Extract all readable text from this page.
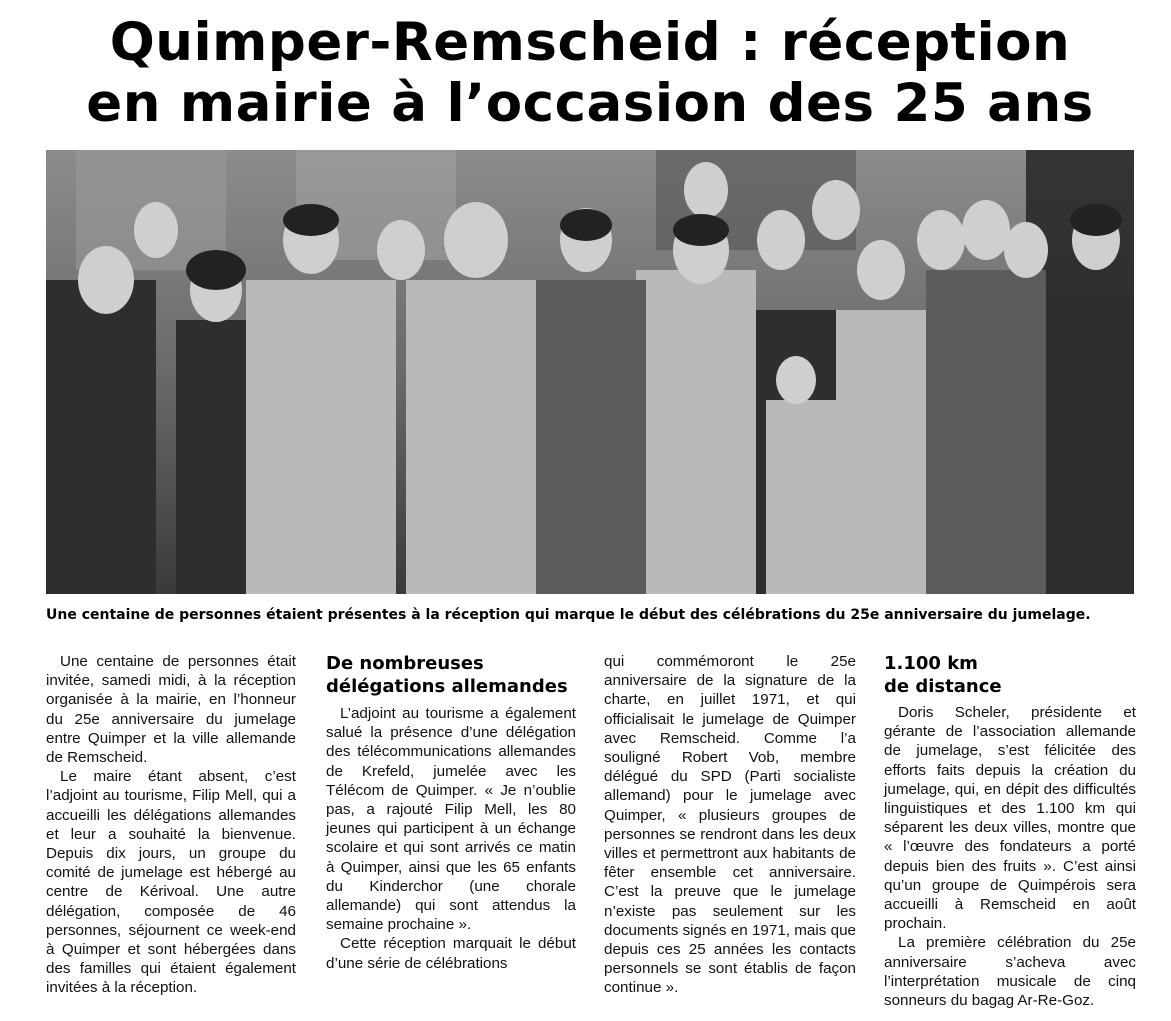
Quimper-Remscheid : réception
en mairie à l’occasion des 25 ans
Une centaine de personnes étaient présentes à la réception qui marque le début des célébrations du 25e anniversaire du jumelage.

Une centaine de personnes était invitée, samedi midi, à la réception organisée à la mairie, en l’honneur du 25e anniversaire du jumelage entre Quimper et la ville allemande de Remscheid.

Le maire étant absent, c’est l’adjoint au tourisme, Filip Mell, qui a accueilli les délégations allemandes et leur a souhaité la bienvenue. Depuis dix jours, un groupe du comité de jumelage est hébergé au centre de Kérivoal. Une autre délégation, composée de 46 personnes, séjournent ce week-end à Quimper et sont hébergées dans des familles qui étaient également invitées à la réception.

De nombreuses délégations allemandes

L’adjoint au tourisme a également salué la présence d’une délégation des télécommunications allemandes de Krefeld, jumelée avec les Télécom de Quimper. « Je n’oublie pas, a rajouté Filip Mell, les 80 jeunes qui participent à un échange scolaire et qui sont arrivés ce matin à Quimper, ainsi que les 65 enfants du Kinderchor (une chorale allemande) qui sont attendus la semaine prochaine ».

Cette réception marquait le début d’une série de célébrations

qui commémoront le 25e anniversaire de la signature de la charte, en juillet 1971, et qui officialisait le jumelage de Quimper avec Remscheid. Comme l’a souligné Robert Vob, membre délégué du SPD (Parti socialiste allemand) pour le jumelage avec Quimper, « plusieurs groupes de personnes se rendront dans les deux villes et permettront aux habitants de fêter ensemble cet anniversaire. C’est la preuve que le jumelage n’existe pas seulement sur les documents signés en 1971, mais que depuis ces 25 années les contacts personnels se sont établis de façon continue ».

1.100 km
de distance

Doris Scheler, présidente et gérante de l’association allemande de jumelage, s’est félicitée des efforts faits depuis la création du jumelage, qui, en dépit des difficultés linguistiques et des 1.100 km qui séparent les deux villes, montre que « l’œuvre des fondateurs a porté depuis bien des fruits ». C’est ainsi qu’un groupe de Quimpérois sera accueilli à Remscheid en août prochain.

La première célébration du 25e anniversaire s’acheva avec l’interprétation musicale de cinq sonneurs du bagag Ar-Re-Goz.
